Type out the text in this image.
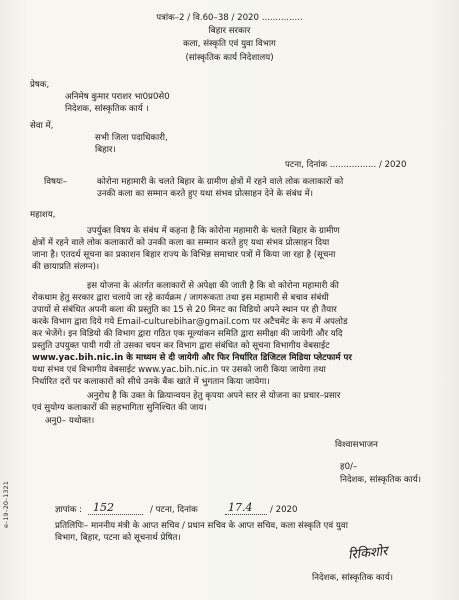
पत्रांक–2 / वि.60–38 / 2020 ...............
बिहार सरकार
कला, संस्कृति एवं युवा विभाग
(सांस्कृतिक कार्य निदेशालय)
प्रेषक,
अनिमेष कुमार पराशर भा0प्र0से0
निदेशक, सांस्कृतिक कार्य ।
सेवा में,
सभी जिला पदाधिकारी,
बिहार।
पटना, दिनांक ................. / 2020
विषयः–	कोरोना महामारी के चलते बिहार के ग्रामीण क्षेत्रों में रहने वाले लोक कलाकारों को
उनकी कला का सम्मान करते हुए यथा संभव प्रोत्साहन देने के संबंध में।
महाशय,
उपर्युक्त विषय के संबंध में कहना है कि कोरोना महामारी के चलते बिहार के ग्रामीण
क्षेत्रों में रहने वाले लोक कलाकारों को उनकी कला का सम्मान करते हुए यथा संभव प्रोत्साहन दिया
जाना है। एतदर्थ सूचना का प्रकाशन बिहार राज्य के विभिन्न समाचार पत्रों में किया जा रहा है (सूचना
की छायाप्रति संलग्न)।
इस योजना के अंतर्गत कलाकारों से अपेक्षा की जाती है कि वो कोरोना महामारी की
रोकथाम हेतु सरकार द्वारा चलाये जा रहे कार्यक्रम / जागरूकता तथा इस महामारी से बचाव संबंधी
उपायों से संबंधित अपनी कला की प्रस्तुति का 15 से 20 मिनट का विडियो अपने स्थान पर ही तैयार
करके विभाग द्वारा दिये गये Email-culturebihar@gmail.com पर अटैचमेंट के रूप में अपलोड
कर भेजेंगे। इन विडियो की विभाग द्वारा गठित एक मूल्यांकन समिति द्वारा समीक्षा की जायेगी और यदि
प्रस्तुति उपयुक्त पायी गयी तो उसका चयन कर विभाग द्वारा संबंधित को सूचना विभागीय वेबसाईट
www.yac.bih.nic.in के माध्यम से दी जायेगी और फिर निर्धारित डिजिटल मिडिया प्लेटफार्म पर
यथा संभव एवं विभागीय वेबसाईट www.yac.bih.nic.in पर उसको जारी किया जायेगा तथा
निर्धारित दरों पर कलाकारों को सीधे उनके बैंक खाते में भुगतान किया जायेगा।
अनुरोध है कि उक्त के क्रियान्वयन हेतु कृपया अपने स्तर से योजना का प्रचार–प्रसार
एवं सुयोग्य कलाकारों की सहभागिता सुनिश्चित की जाय।
अनु0– यथोक्त।
विश्वासभाजन
ह0/–
निदेशक, सांस्कृतिक कार्य।
ज्ञापांक : 152	/ पटना, दिनांक	17.4 / 2020
प्रतिलिपिः– माननीय मंत्री के आप्त सचिव / प्रधान सचिव के आप्त सचिव, कला संस्कृति एवं युवा
विभाग, बिहार, पटना को सूचनार्थ प्रेषित।
रिकिशोर
निदेशक, सांस्कृतिक कार्य।
e–19–20–1321
